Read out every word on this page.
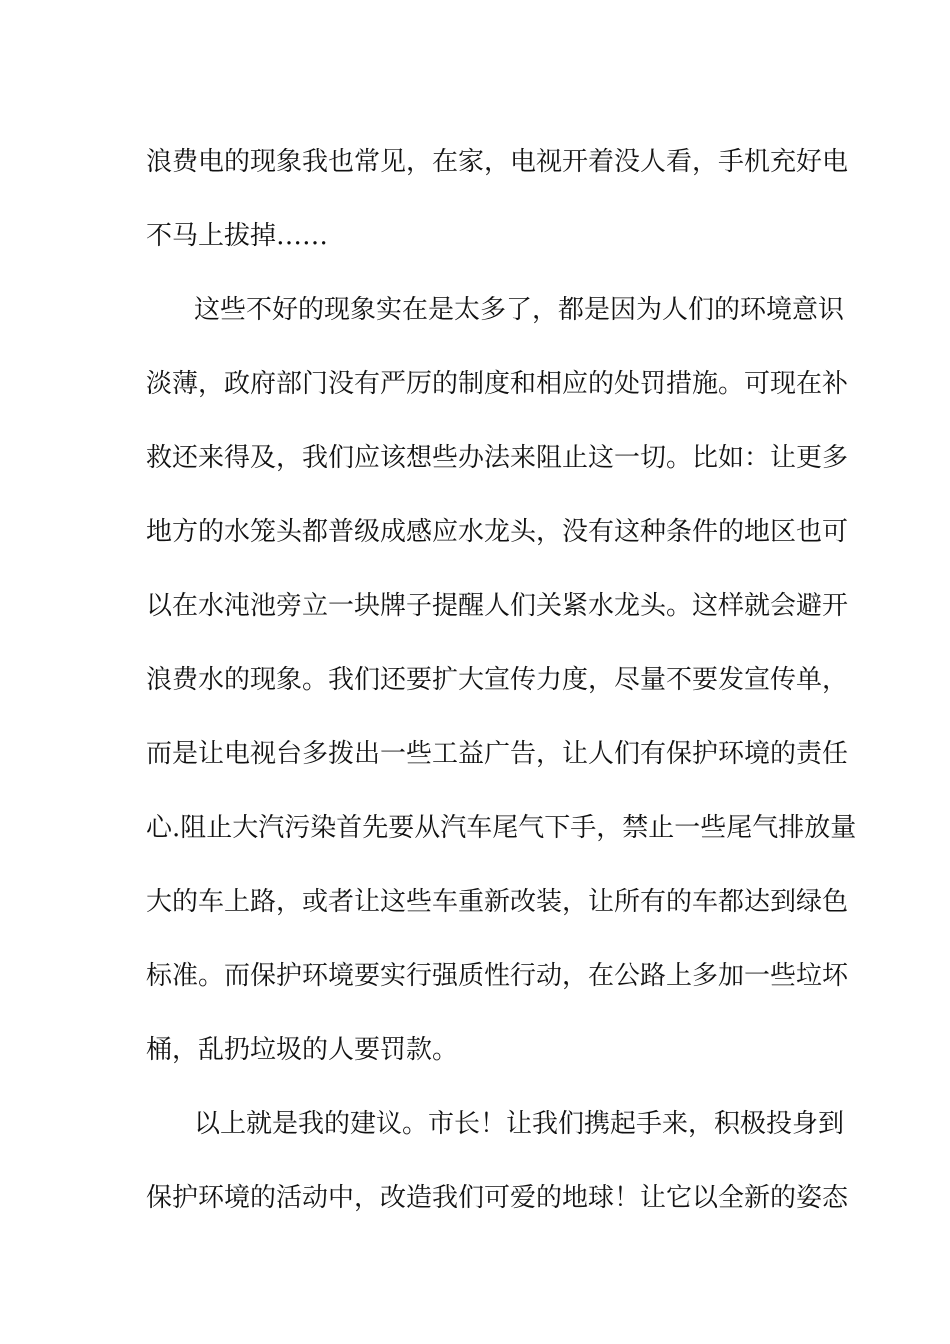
浪费电的现象我也常见，在家，电视开着没人看，手机充好电
不马上拔掉……
这些不好的现象实在是太多了，都是因为人们的环境意识
淡薄，政府部门没有严厉的制度和相应的处罚措施。可现在补
救还来得及，我们应该想些办法来阻止这一切。比如：让更多
地方的水笼头都普级成感应水龙头，没有这种条件的地区也可
以在水沌池旁立一块牌子提醒人们关紧水龙头。这样就会避开
浪费水的现象。我们还要扩大宣传力度，尽量不要发宣传单，
而是让电视台多拨出一些工益广告，让人们有保护环境的责任
心.阻止大汽污染首先要从汽车尾气下手，禁止一些尾气排放量
大的车上路，或者让这些车重新改装，让所有的车都达到绿色
标准。而保护环境要实行强质性行动，在公路上多加一些垃坏
桶，乱扔垃圾的人要罚款。
以上就是我的建议。市长！让我们携起手来，积极投身到
保护环境的活动中，改造我们可爱的地球！让它以全新的姿态
